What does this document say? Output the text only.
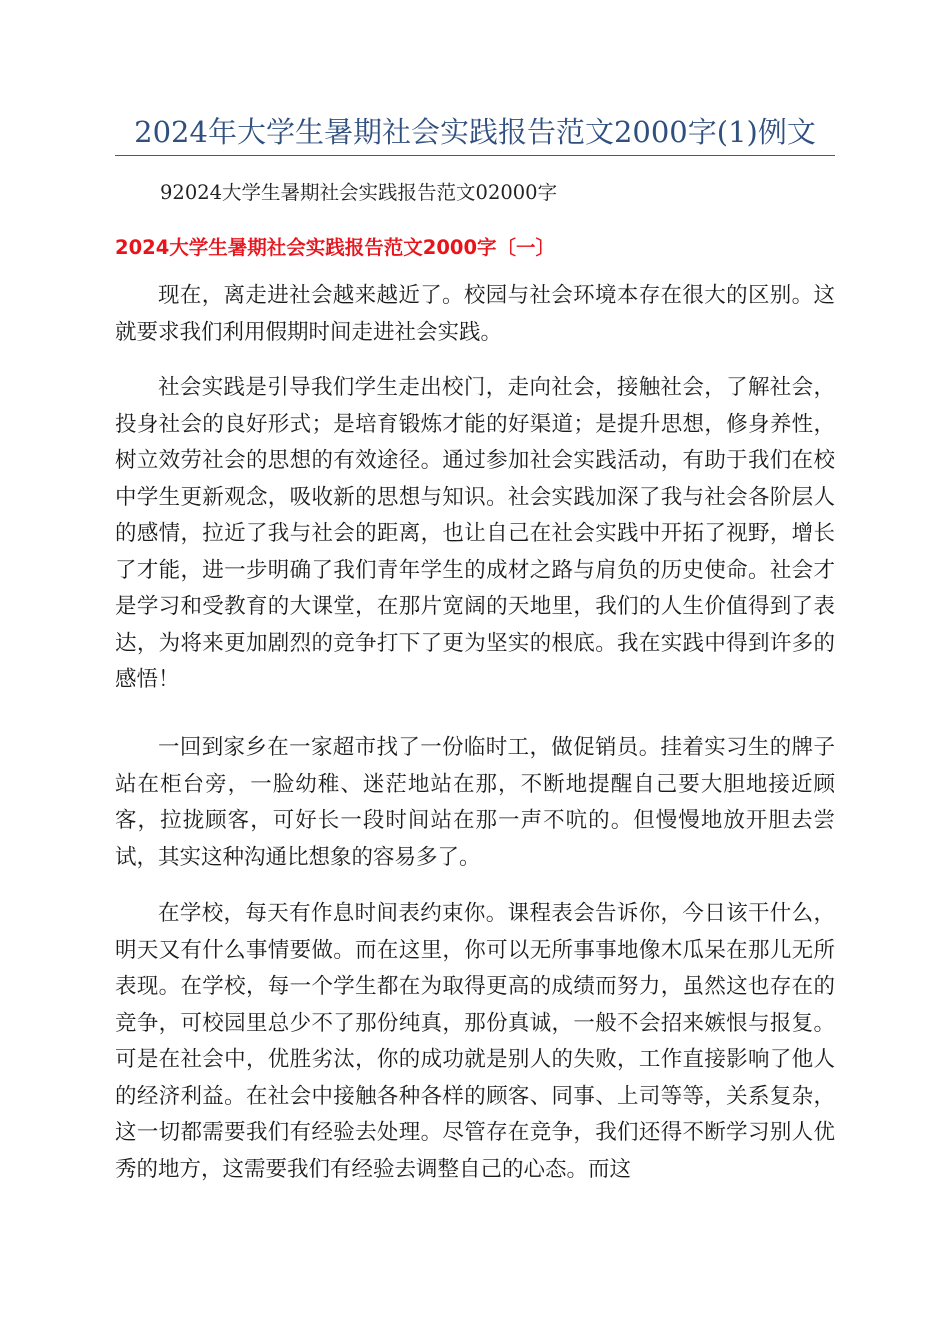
2024年大学生暑期社会实践报告范文2000字(1)例文
92024大学生暑期社会实践报告范文02000字
2024大学生暑期社会实践报告范文2000字〔一〕

现在，离走进社会越来越近了。校园与社会环境本存在很大的区别。这就要求我们利用假期时间走进社会实践。

社会实践是引导我们学生走出校门，走向社会，接触社会，了解社会，投身社会的良好形式；是培育锻炼才能的好渠道；是提升思想，修身养性，树立效劳社会的思想的有效途径。通过参加社会实践活动，有助于我们在校中学生更新观念，吸收新的思想与知识。社会实践加深了我与社会各阶层人的感情，拉近了我与社会的距离，也让自己在社会实践中开拓了视野，增长了才能，进一步明确了我们青年学生的成材之路与肩负的历史使命。社会才是学习和受教育的大课堂，在那片宽阔的天地里，我们的人生价值得到了表达，为将来更加剧烈的竞争打下了更为坚实的根底。我在实践中得到许多的感悟！

一回到家乡在一家超市找了一份临时工，做促销员。挂着实习生的牌子站在柜台旁，一脸幼稚、迷茫地站在那，不断地提醒自己要大胆地接近顾客，拉拢顾客，可好长一段时间站在那一声不吭的。但慢慢地放开胆去尝试，其实这种沟通比想象的容易多了。

在学校，每天有作息时间表约束你。课程表会告诉你，今日该干什么，明天又有什么事情要做。而在这里，你可以无所事事地像木瓜呆在那儿无所表现。在学校，每一个学生都在为取得更高的成绩而努力，虽然这也存在的竞争，可校园里总少不了那份纯真，那份真诚，一般不会招来嫉恨与报复。可是在社会中，优胜劣汰，你的成功就是别人的失败，工作直接影响了他人的经济利益。在社会中接触各种各样的顾客、同事、上司等等，关系复杂，这一切都需要我们有经验去处理。尽管存在竞争，我们还得不断学习别人优秀的地方，这需要我们有经验去调整自己的心态。而这
